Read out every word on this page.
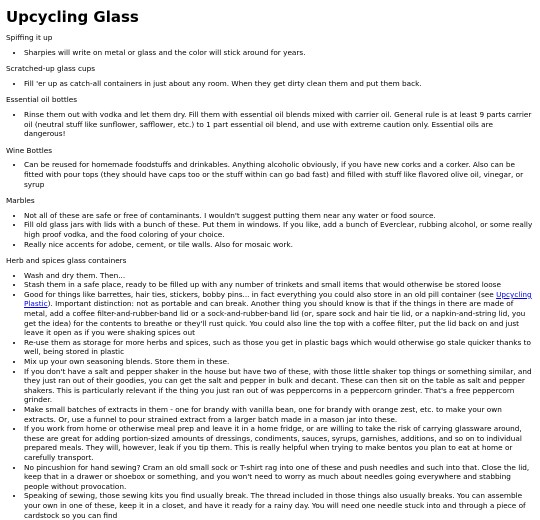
Upcycling Glass

Spiffing it up

• Sharpies will write on metal or glass and the color will stick around for years.

Scratched-up glass cups

• Fill 'er up as catch-all containers in just about any room. When they get dirty clean them and put them back.

Essential oil bottles

• Rinse them out with vodka and let them dry. Fill them with essential oil blends mixed with carrier oil. General rule is at least 9 parts carrier oil (neutral stuff like sunflower, safflower, etc.) to 1 part essential oil blend, and use with extreme caution only. Essential oils are dangerous!

Wine Bottles

• Can be reused for homemade foodstuffs and drinkables. Anything alcoholic obviously, if you have new corks and a corker. Also can be fitted with pour tops (they should have caps too or the stuff within can go bad fast) and filled with stuff like flavored olive oil, vinegar, or syrup

Marbles

• Not all of these are safe or free of contaminants. I wouldn't suggest putting them near any water or food source.
• Fill old glass jars with lids with a bunch of these. Put them in windows. If you like, add a bunch of Everclear, rubbing alcohol, or some really high proof vodka, and the food coloring of your choice.
• Really nice accents for adobe, cement, or tile walls. Also for mosaic work.

Herb and spices glass containers

• Wash and dry them. Then...
• Stash them in a safe place, ready to be filled up with any number of trinkets and small items that would otherwise be stored loose
• Good for things like barrettes, hair ties, stickers, bobby pins... in fact everything you could also store in an old pill container (see Upcycling Plastic). Important distinction: not as portable and can break. Another thing you should know is that if the things in there are made of metal, add a coffee filter-and-rubber-band lid or a sock-and-rubber-band lid (or, spare sock and hair tie lid, or a napkin-and-string lid, you get the idea) for the contents to breathe or they'll rust quick. You could also line the top with a coffee filter, put the lid back on and just leave it open as if you were shaking spices out
• Re-use them as storage for more herbs and spices, such as those you get in plastic bags which would otherwise go stale quicker thanks to well, being stored in plastic
• Mix up your own seasoning blends. Store them in these.
• If you don't have a salt and pepper shaker in the house but have two of these, with those little shaker top things or something similar, and they just ran out of their goodies, you can get the salt and pepper in bulk and decant. These can then sit on the table as salt and pepper shakers. This is particularly relevant if the thing you just ran out of was peppercorns in a peppercorn grinder. That's a free peppercorn grinder.
• Make small batches of extracts in them - one for brandy with vanilla bean, one for brandy with orange zest, etc. to make your own extracts. Or, use a funnel to pour strained extract from a larger batch made in a mason jar into these.
• If you work from home or otherwise meal prep and leave it in a home fridge, or are willing to take the risk of carrying glassware around, these are great for adding portion-sized amounts of dressings, condiments, sauces, syrups, garnishes, additions, and so on to individual prepared meals. They will, however, leak if you tip them. This is really helpful when trying to make bentos you plan to eat at home or carefully transport.
• No pincushion for hand sewing? Cram an old small sock or T-shirt rag into one of these and push needles and such into that. Close the lid, keep that in a drawer or shoebox or something, and you won't need to worry as much about needles going everywhere and stabbing people without provocation.
• Speaking of sewing, those sewing kits you find usually break. The thread included in those things also usually breaks. You can assemble your own in one of these, keep it in a closet, and have it ready for a rainy day. You will need one needle stuck into and through a piece of cardstock so you can find
